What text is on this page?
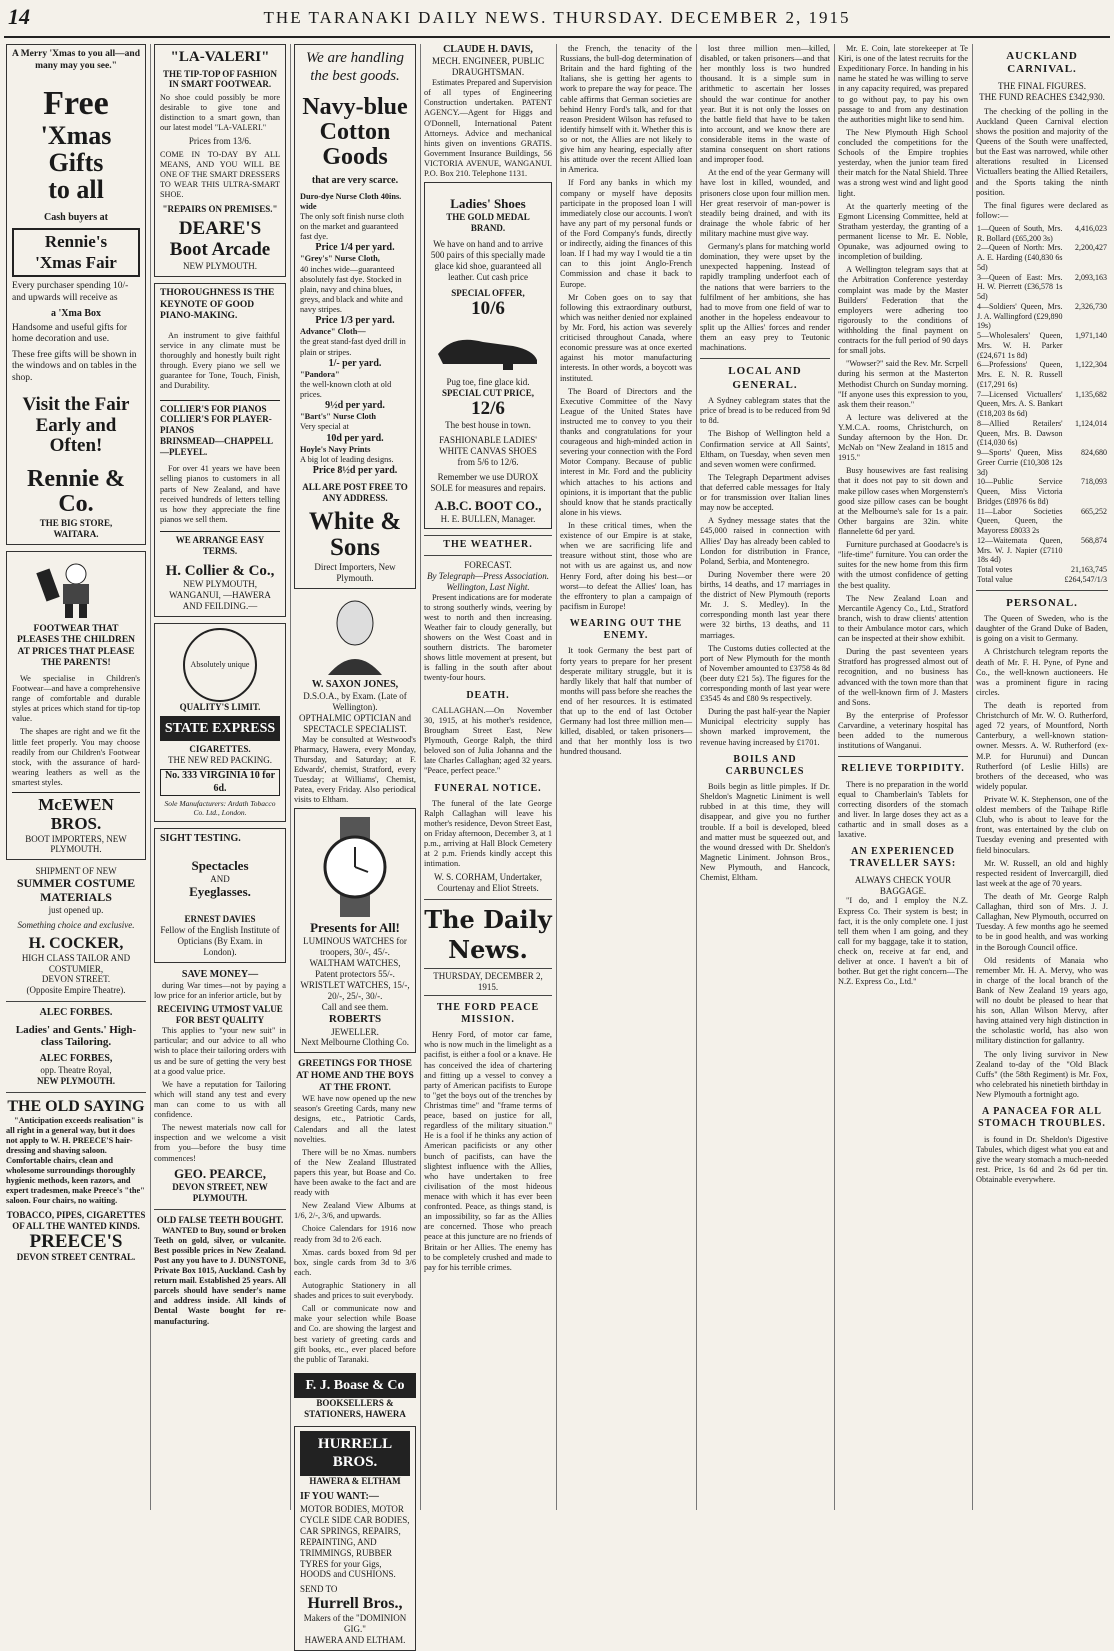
14	THE TARANAKI DAILY NEWS. THURSDAY. DECEMBER 2, 1915
A Merry 'Xmas to you all—and many may you see."
Free
'Xmas Gifts
to all
Cash buyers at
Rennie's 'Xmas Fair
Every purchaser spending 10/- and upwards will receive as
a 'Xma Box
Handsome and useful gifts for home decoration and use.
These free gifts will be shown in the windows and on tables in the shop.
Visit the Fair Early and Often!
Rennie & Co.
THE BIG STORE,
WAITARA.
FOOTWEAR THAT PLEASES THE CHILDREN AT PRICES THAT PLEASE THE PARENTS!

We specialise in Children's Footwear—and have a comprehensive range of comfortable and durable styles at prices which stand for tip-top value.

The shapes are right and we fit the little feet properly. You may choose readily from our Children's Footwear stock, with the assurance of hard-wearing leathers as well as the smartest styles.

McEWEN BROS.
BOOT IMPORTERS, NEW PLYMOUTH.
SHIPMENT OF NEW
SUMMER COSTUME MATERIALS
just opened up.
Something choice and exclusive.
H. COCKER,
HIGH CLASS TAILOR AND COSTUMIER,
DEVON STREET.
(Opposite Empire Theatre).
ALEC FORBES.
Ladies' and Gents.' High-class Tailoring.
ALEC FORBES,
opp. Theatre Royal,
NEW PLYMOUTH.
THE OLD SAYING

"Anticipation exceeds realisation" is all right in a general way, but it does not apply to W. H. PREECE'S hair-dressing and shaving saloon. Comfortable chairs, clean and wholesome surroundings thoroughly hygienic methods, keen razors, and expert tradesmen, make Preece's "the" saloon. Four chairs, no waiting.

TOBACCO, PIPES, CIGARETTES OF ALL THE WANTED KINDS.
PREECE'S
DEVON STREET CENTRAL.
"LA-VALERI"
THE TIP-TOP OF FASHION IN SMART FOOTWEAR.
No shoe could possibly be more desirable to give tone and distinction to a smart gown, than our latest model "LA-VALERI."
Prices from 13/6.
COME IN TO-DAY BY ALL MEANS, AND YOU WILL BE ONE OF THE SMART DRESSERS TO WEAR THIS ULTRA-SMART SHOE.
"REPAIRS ON PREMISES."
DEARE'S Boot Arcade
NEW PLYMOUTH.
THOROUGHNESS IS THE KEYNOTE OF GOOD PIANO-MAKING.

An instrument to give faithful service in any climate must be thoroughly and honestly built right through. Every piano we sell we guarantee for Tone, Touch, Finish, and Durability.

COLLIER'S FOR PIANOS
COLLIER'S FOR PLAYER-PIANOS
BRINSMEAD—CHAPPELL—PLEYEL.

For over 41 years we have been selling pianos to customers in all parts of New Zealand, and have received hundreds of letters telling us how they appreciate the fine pianos we sell them.

WE ARRANGE EASY TERMS.
H. Collier & Co.,
NEW PLYMOUTH, WANGANUI, —HAWERA AND FEILDING.—
Absolutely unique
QUALITY'S LIMIT.
STATE EXPRESS
CIGARETTES.
THE NEW RED PACKING.
No. 333 VIRGINIA 10 for 6d.
Sole Manufacturers: Ardath Tobacco Co. Ltd., London.
SIGHT TESTING.
Spectacles
AND
Eyeglasses.
ERNEST DAVIES
Fellow of the English Institute of Opticians (By Exam. in London).
SAVE MONEY—

during War times—not by paying a low price for an inferior article, but by

RECEIVING UTMOST VALUE FOR BEST QUALITY

This applies to "your new suit" in particular; and our advice to all who wish to place their tailoring orders with us and be sure of getting the very best at a good value price.

We have a reputation for Tailoring which will stand any test and every man can come to us with all confidence.

The newest materials now call for inspection and we welcome a visit from you—before the busy time commences!

GEO. PEARCE,
DEVON STREET, NEW PLYMOUTH.
OLD FALSE TEETH BOUGHT.

WANTED to Buy, sound or broken Teeth on gold, silver, or vulcanite. Best possible prices in New Zealand. Post any you have to J. DUNSTONE, Private Box 1015, Auckland. Cash by return mail. Established 25 years. All parcels should have sender's name and address inside. All kinds of Dental Waste bought for re-manufacturing.

We are handling the best goods.
Navy-blue Cotton Goods
that are very scarce.
Duro-dye Nurse Cloth 40ins. wide
The only soft finish nurse cloth on the market and guaranteed fast dye.
Price 1/4 per yard.
"Grey's" Nurse Cloth,
40 inches wide—guaranteed absolutely fast dye. Stocked in plain, navy and china blues, greys, and black and white and navy stripes.
Price 1/3 per yard.
Advance" Cloth—
the great stand-fast dyed drill in plain or stripes.
1/- per yard.
"Pandora"
the well-known cloth at old prices.
9½d per yard.
"Bart's" Nurse Cloth
Very special at
10d per yard.
Hoyle's Navy Prints
A big lot of leading designs.
Price 8½d per yard.
ALL ARE POST FREE TO ANY ADDRESS.
White & Sons
Direct Importers, New Plymouth.
W. SAXON JONES,
D.S.O.A., by Exam. (Late of Wellington).
OPTHALMIC OPTICIAN and SPECTACLE SPECIALIST.

May be consulted at Westwood's Pharmacy, Hawera, every Monday, Thursday, and Saturday; at F. Edwards', chemist, Stratford, every Tuesday; at Williams', Chemist, Patea, every Friday. Also periodical visits to Eltham.

Presents for All!
LUMINOUS WATCHES for troopers, 30/-, 45/-.
WALTHAM WATCHES, Patent protectors 55/-.
WRISTLET WATCHES, 15/-, 20/-, 25/-, 30/-.
Call and see them.
ROBERTS
JEWELLER.
Next Melbourne Clothing Co.
GREETINGS FOR THOSE AT HOME AND THE BOYS AT THE FRONT.

WE have now opened up the new season's Greeting Cards, many new designs, etc., Patriotic Cards, Calendars and all the latest novelties.

There will be no Xmas. numbers of the New Zealand Illustrated papers this year, but Boase and Co. have been awake to the fact and are ready with

New Zealand View Albums at 1/6, 2/-, 3/6, and upwards.

Choice Calendars for 1916 now ready from 3d to 2/6 each.

Xmas. cards boxed from 9d per box, single cards from 3d to 3/6 each.

Autographic Stationery in all shades and prices to suit everybody.

Call or communicate now and make your selection while Boase and Co. are showing the largest and best variety of greeting cards and gift books, etc., ever placed before the public of Taranaki.

F. J. Boase & Co
BOOKSELLERS & STATIONERS, HAWERA
HURRELL BROS.
HAWERA & ELTHAM
IF YOU WANT:—
MOTOR BODIES, MOTOR CYCLE SIDE CAR BODIES, CAR SPRINGS, REPAIRS, REPAINTING, AND TRIMMINGS, RUBBER TYRES for your Gigs, HOODS and CUSHIONS.
SEND TO
Hurrell Bros.,
Makers of the "DOMINION GIG."
HAWERA AND ELTHAM.
CLAUDE H. DAVIS,
MECH. ENGINEER, PUBLIC DRAUGHTSMAN.

Estimates Prepared and Supervision of all types of Engineering Construction undertaken. PATENT AGENCY.—Agent for Higgs and O'Donnell, International Patent Attorneys. Advice and mechanical hints given on inventions GRATIS. Government Insurance Buildings, 56 VICTORIA AVENUE, WANGANUI. P.O. Box 210. Telephone 1131.

Ladies' Shoes
THE GOLD MEDAL BRAND.
We have on hand and to arrive 500 pairs of this specially made glace kid shoe, guaranteed all leather. Cut cash price
SPECIAL OFFER,
10/6
Pug toe, fine glace kid.
SPECIAL CUT PRICE,
12/6
The best house in town.
FASHIONABLE LADIES' WHITE CANVAS SHOES from 5/6 to 12/6.
Remember we use DUROX SOLE for measures and repairs.
A.B.C. BOOT CO.,
H. E. BULLEN, Manager.
THE WEATHER.
FORECAST.
By Telegraph—Press Association. Wellington, Last Night.

Present indications are for moderate to strong southerly winds, veering by west to north and then increasing. Weather fair to cloudy generally, but showers on the West Coast and in southern districts. The barometer shows little movement at present, but is falling in the south after about twenty-four hours.

DEATH.

CALLAGHAN.—On November 30, 1915, at his mother's residence, Brougham Street East, New Plymouth, George Ralph, the third beloved son of Julia Johanna and the late Charles Callaghan; aged 32 years. "Peace, perfect peace."

FUNERAL NOTICE.

The funeral of the late George Ralph Callaghan will leave his mother's residence, Devon Street East, on Friday afternoon, December 3, at 1 p.m., arriving at Hall Block Cemetery at 2 p.m. Friends kindly accept this intimation.

W. S. CORHAM, Undertaker, Courtenay and Eliot Streets.
The Daily News.
THURSDAY, DECEMBER 2, 1915.
THE FORD PEACE MISSION.

Henry Ford, of motor car fame, who is now much in the limelight as a pacifist, is either a fool or a knave. He has conceived the idea of chartering and fitting up a vessel to convey a party of American pacifists to Europe to "get the boys out of the trenches by Christmas time" and "frame terms of peace, based on justice for all, regardless of the military situation." He is a fool if he thinks any action of American pacificists or any other bunch of pacifists, can have the slightest influence with the Allies, who have undertaken to free civilisation of the most hideous menace with which it has ever been confronted. Peace, as things stand, is an impossibility, so far as the Allies are concerned. Those who preach peace at this juncture are no friends of Britain or her Allies. The enemy has to be completely crushed and made to pay for his terrible crimes.

the French, the tenacity of the Russians, the bull-dog determination of Britain and the hard fighting of the Italians, she is getting her agents to work to prepare the way for peace. The cable affirms that German societies are behind Henry Ford's talk, and for that reason President Wilson has refused to identify himself with it. Whether this is so or not, the Allies are not likely to give him any hearing, especially after his attitude over the recent Allied loan in America.

If Ford any banks in which my company or myself have deposits participate in the proposed loan I will immediately close our accounts. I won't have any part of my personal funds or of the Ford Company's funds, directly or indirectly, aiding the finances of this loan. If I had my way I would tie a tin can to this joint Anglo-French Commission and chase it back to Europe.

Mr Coben goes on to say that following this extraordinary outburst, which was neither denied nor explained by Mr. Ford, his action was severely criticised throughout Canada, where economic pressure was at once exerted against his motor manufacturing interests. In other words, a boycott was instituted.

The Board of Directors and the Executive Committee of the Navy League of the United States have instructed me to convey to you their thanks and congratulations for your courageous and high-minded action in severing your connection with the Ford Motor Company. Because of public interest in Mr. Ford and the publicity which attaches to his actions and opinions, it is important that the public should know that he stands practically alone in his views.

In these critical times, when the existence of our Empire is at stake, when we are sacrificing life and treasure without stint, those who are not with us are against us, and now Henry Ford, after doing his best—or worst—to defeat the Allies' loan, has the effrontery to plan a campaign of pacifism in Europe!

WEARING OUT THE ENEMY.

It took Germany the best part of forty years to prepare for her present desperate military struggle, but it is hardly likely that half that number of months will pass before she reaches the end of her resources. It is estimated that up to the end of last October Germany had lost three million men—killed, disabled, or taken prisoners—and that her monthly loss is two hundred thousand.

lost three million men—killed, disabled, or taken prisoners—and that her monthly loss is two hundred thousand. It is a simple sum in arithmetic to ascertain her losses should the war continue for another year. But it is not only the losses on the battle field that have to be taken into account, and we know there are considerable items in the waste of stamina consequent on short rations and improper food.

At the end of the year Germany will have lost in killed, wounded, and prisoners close upon four million men. Her great reservoir of man-power is steadily being drained, and with its drainage the whole fabric of her military machine must give way.

Germany's plans for matching world domination, they were upset by the unexpected happening. Instead of rapidly trampling underfoot each of the nations that were barriers to the fulfilment of her ambitions, she has had to move from one field of war to another in the hopeless endeavour to split up the Allies' forces and render them an easy prey to Teutonic machinations.

LOCAL AND GENERAL.

A Sydney cablegram states that the price of bread is to be reduced from 9d to 8d.

The Bishop of Wellington held a Confirmation service at All Saints', Eltham, on Tuesday, when seven men and seven women were confirmed.

The Telegraph Department advises that deferred cable messages for Italy or for transmission over Italian lines may now be accepted.

A Sydney message states that the £45,000 raised in connection with Allies' Day has already been cabled to London for distribution in France, Poland, Serbia, and Montenegro.

During November there were 20 births, 14 deaths, and 17 marriages in the district of New Plymouth (reports Mr. J. S. Medley). In the corresponding month last year there were 32 births, 13 deaths, and 11 marriages.

The Customs duties collected at the port of New Plymouth for the month of November amounted to £3758 4s 8d (beer duty £21 5s). The figures for the corresponding month of last year were £3545 4s and £80 9s respectively.

During the past half-year the Napier Municipal electricity supply has shown marked improvement, the revenue having increased by £1701.

BOILS AND CARBUNCLES

Boils begin as little pimples. If Dr. Sheldon's Magnetic Liniment is well rubbed in at this time, they will disappear, and give you no further trouble. If a boil is developed, bleed and matter must be squeezed out, and the wound dressed with Dr. Sheldon's Magnetic Liniment. Johnson Bros., New Plymouth, and Hancock, Chemist, Eltham.

Mr. E. Coin, late storekeeper at Te Kiri, is one of the latest recruits for the Expeditionary Force. In handing in his name he stated he was willing to serve in any capacity required, was prepared to go without pay, to pay his own passage to and from any destination the authorities might like to send him.

The New Plymouth High School concluded the competitions for the Schools of the Empire trophies yesterday, when the junior team fired their match for the Natal Shield. Three was a strong west wind and light good light.

At the quarterly meeting of the Egmont Licensing Committee, held at Stratham yesterday, the granting of a permanent license to Mr. E. Noble, Opunake, was adjourned owing to incompletion of building.

A Wellington telegram says that at the Arbitration Conference yesterday complaint was made by the Master Builders' Federation that the employers were adhering too rigorously to the conditions of withholding the final payment on contracts for the full period of 90 days for small jobs.

"Wowser?" said the Rev. Mr. Scrpell during his sermon at the Masterton Methodist Church on Sunday morning. "If anyone uses this expression to you, ask them their reason."

A lecture was delivered at the Y.M.C.A. rooms, Christchurch, on Sunday afternoon by the Hon. Dr. McNab on "New Zealand in 1815 and 1915."

Busy housewives are fast realising that it does not pay to sit down and make pillow cases when Morgenstern's good size pillow cases can be bought at the Melbourne's sale for 1s a pair. Other bargains are 32in. white flannelette 6d per yard.

Furniture purchased at Goodacre's is "life-time" furniture. You can order the suites for the new home from this firm with the utmost confidence of getting the best quality.

The New Zealand Loan and Mercantile Agency Co., Ltd., Stratford branch, wish to draw clients' attention to their Ambulance motor cars, which can be inspected at their show exhibit.

During the past seventeen years Stratford has progressed almost out of recognition, and no business has advanced with the town more than that of the well-known firm of J. Masters and Sons.

By the enterprise of Professor Carvardine, a veterinary hospital has been added to the numerous institutions of Wanganui.

RELIEVE TORPIDITY.

There is no preparation in the world equal to Chamberlain's Tablets for correcting disorders of the stomach and liver. In large doses they act as a cathartic and in small doses as a laxative.

AN EXPERIENCED TRAVELLER SAYS:
ALWAYS CHECK YOUR BAGGAGE.

"I do, and I employ the N.Z. Express Co. Their system is best; in fact, it is the only complete one. I just tell them when I am going, and they call for my baggage, take it to station, check on, receive at far end, and deliver at once. I haven't a bit of bother. But get the right concern—The N.Z. Express Co., Ltd."

AUCKLAND CARNIVAL.
THE FINAL FIGURES.
THE FUND REACHES £342,930.

The checking of the polling in the Auckland Queen Carnival election shows the position and majority of the Queens of the South were unaffected, but the East was narrowed, while other alterations resulted in Licensed Victuallers beating the Allied Retailers, and the Sports taking the ninth position.

The final figures were declared as follow:—

1—Queen of South, Mrs. R. Bollard (£65,200 3s)	4,416,023
2—Queen of North: Mrs. A. E. Harding (£40,830 6s 5d)	2,200,427
3—Queen of East: Mrs. H. W. Pierrett (£36,578 1s 5d)	2,093,163
4—Soldiers' Queen, Mrs. J. A. Wallingford (£29,890 19s)	2,326,730
5—Wholesalers' Queen, Mrs. W. H. Parker (£24,671 1s 8d)	1,971,140
6—Professions' Queen, Mrs. E. N. R. Russell (£17,291 6s)	1,122,304
7—Licensed Victuallers' Queen, Mrs. A. S. Bankart (£18,203 8s 6d)	1,135,682
8—Allied Retailers' Queen, Mrs. B. Dawson (£14,030 6s)	1,124,014
9—Sports' Queen, Miss Greer Currie (£10,308 12s 3d)	824,680
10—Public Service Queen, Miss Victoria Bridges (£8976 6s 8d)	718,093
11—Labor Societies Queen, Queen, the Mayoress £8033 2s	665,252
12—Waitemata Queen, Mrs. W. J. Napier (£7110 18s 4d)	568,874
Total votes	21,163,745
Total value	£264,547/1/3
PERSONAL.

The Queen of Sweden, who is the daughter of the Grand Duke of Baden, is going on a visit to Germany.

A Christchurch telegram reports the death of Mr. F. H. Pyne, of Pyne and Co., the well-known auctioneers. He was a prominent figure in racing circles.

The death is reported from Christchurch of Mr. W. O. Rutherford, aged 72 years, of Mountford, North Canterbury, a well-known station-owner. Messrs. A. W. Rutherford (ex-M.P. for Hurunui) and Duncan Rutherford (of Leslie Hills) are brothers of the deceased, who was widely popular.

Private W. K. Stephenson, one of the oldest members of the Taihape Rifle Club, who is about to leave for the front, was entertained by the club on Tuesday evening and presented with field binoculars.

Mr. W. Russell, an old and highly respected resident of Invercargill, died last week at the age of 70 years.

The death of Mr. George Ralph Callaghan, third son of Mrs. J. J. Callaghan, New Plymouth, occurred on Tuesday. A few months ago he seemed to be in good health, and was working in the Borough Council office.

Old residents of Manaia who remember Mr. H. A. Mervy, who was in charge of the local branch of the Bank of New Zealand 19 years ago, will no doubt be pleased to hear that his son, Allan Wilson Mervy, after having attained very high distinction in the scholastic world, has also won military distinction for gallantry.

The only living survivor in New Zealand to-day of the "Old Black Cuffs" (the 58th Regiment) is Mr. Fox, who celebrated his ninetieth birthday in New Plymouth a fortnight ago.

A PANACEA FOR ALL STOMACH TROUBLES.

is found in Dr. Sheldon's Digestive Tabules, which digest what you eat and give the weary stomach a much-needed rest. Price, 1s 6d and 2s 6d per tin. Obtainable everywhere.
